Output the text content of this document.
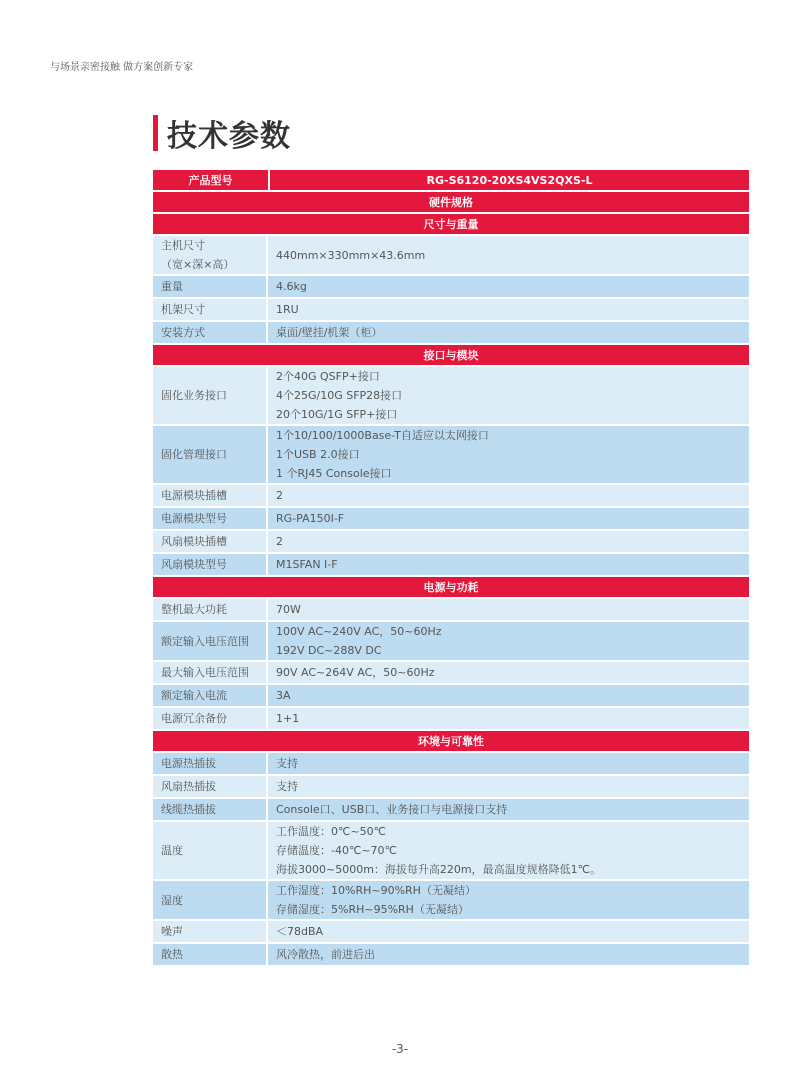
与场景亲密接触 做方案创新专家
技术参数
产品型号	RG-S6120-20XS4VS2QXS-L
硬件规格	
尺寸与重量	

主机尺寸
（宽×深×高）	440mm×330mm×43.6mm

重量	4.6kg

机架尺寸	1RU

安装方式	桌面/壁挂/机架（柜）

接口与模块	

固化业务接口	2个40G QSFP+接口
4个25G/10G SFP28接口
20个10G/1G SFP+接口

固化管理接口	1个10/100/1000Base-T自适应以太网接口
1个USB 2.0接口
1 个RJ45 Console接口

电源模块插槽	2

电源模块型号	RG-PA150I-F

风扇模块插槽	2

风扇模块型号	M1SFAN I-F

电源与功耗	

整机最大功耗	70W

额定输入电压范围	100V AC~240V AC，50~60Hz
192V DC~288V DC

最大输入电压范围	90V AC~264V AC，50~60Hz

额定输入电流	3A

电源冗余备份	1+1

环境与可靠性	

电源热插拔	支持

风扇热插拔	支持

线缆热插拔	Console口、USB口、业务接口与电源接口支持

温度	工作温度：0℃~50℃
存储温度：-40℃~70℃
海拔3000~5000m：海拔每升高220m，最高温度规格降低1℃。

湿度	工作湿度：10%RH~90%RH（无凝结）
存储湿度：5%RH~95%RH（无凝结）

噪声	＜78dBA

散热	风冷散热，前进后出
-3-
